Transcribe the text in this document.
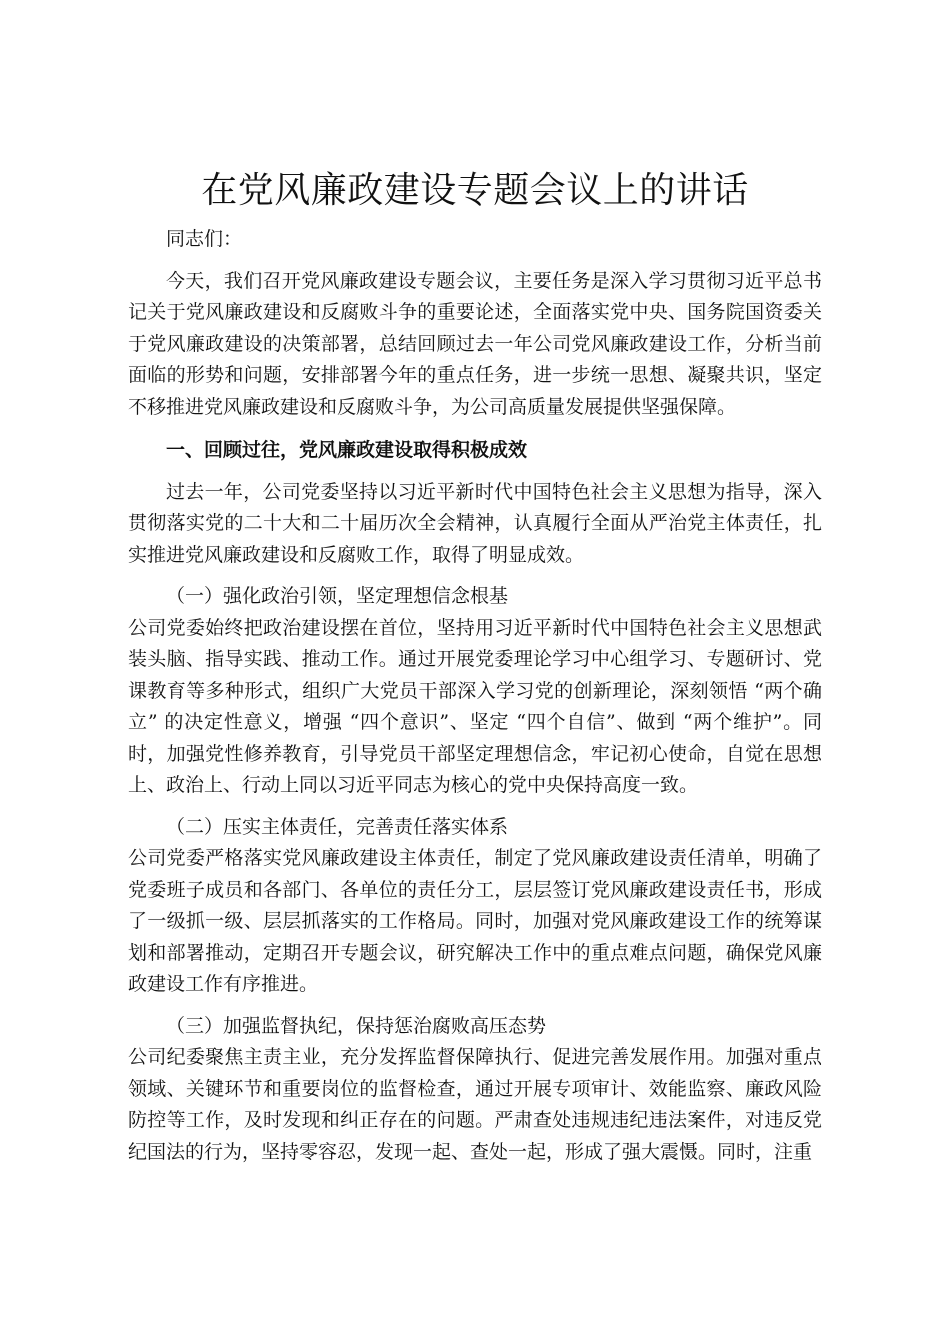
在党风廉政建设专题会议上的讲话

同志们：

今天，我们召开党风廉政建设专题会议，主要任务是深入学习贯彻习近平总书记关于党风廉政建设和反腐败斗争的重要论述，全面落实党中央、国务院国资委关于党风廉政建设的决策部署，总结回顾过去一年公司党风廉政建设工作，分析当前面临的形势和问题，安排部署今年的重点任务，进一步统一思想、凝聚共识，坚定不移推进党风廉政建设和反腐败斗争，为公司高质量发展提供坚强保障。

一、回顾过往，党风廉政建设取得积极成效

过去一年，公司党委坚持以习近平新时代中国特色社会主义思想为指导，深入贯彻落实党的二十大和二十届历次全会精神，认真履行全面从严治党主体责任，扎实推进党风廉政建设和反腐败工作，取得了明显成效。

（一）强化政治引领，坚定理想信念根基

公司党委始终把政治建设摆在首位，坚持用习近平新时代中国特色社会主义思想武装头脑、指导实践、推动工作。通过开展党委理论学习中心组学习、专题研讨、党课教育等多种形式，组织广大党员干部深入学习党的创新理论，深刻领悟 “两个确立” 的决定性意义，增强 “四个意识”、坚定 “四个自信”、做到 “两个维护”。同时，加强党性修养教育，引导党员干部坚定理想信念，牢记初心使命，自觉在思想上、政治上、行动上同以习近平同志为核心的党中央保持高度一致。

（二）压实主体责任，完善责任落实体系

公司党委严格落实党风廉政建设主体责任，制定了党风廉政建设责任清单，明确了党委班子成员和各部门、各单位的责任分工，层层签订党风廉政建设责任书，形成了一级抓一级、层层抓落实的工作格局。同时，加强对党风廉政建设工作的统筹谋划和部署推动，定期召开专题会议，研究解决工作中的重点难点问题，确保党风廉政建设工作有序推进。

（三）加强监督执纪，保持惩治腐败高压态势

公司纪委聚焦主责主业，充分发挥监督保障执行、促进完善发展作用。加强对重点领域、关键环节和重要岗位的监督检查，通过开展专项审计、效能监察、廉政风险防控等工作，及时发现和纠正存在的问题。严肃查处违规违纪违法案件，对违反党纪国法的行为，坚持零容忍，发现一起、查处一起，形成了强大震慑。同时，注重
